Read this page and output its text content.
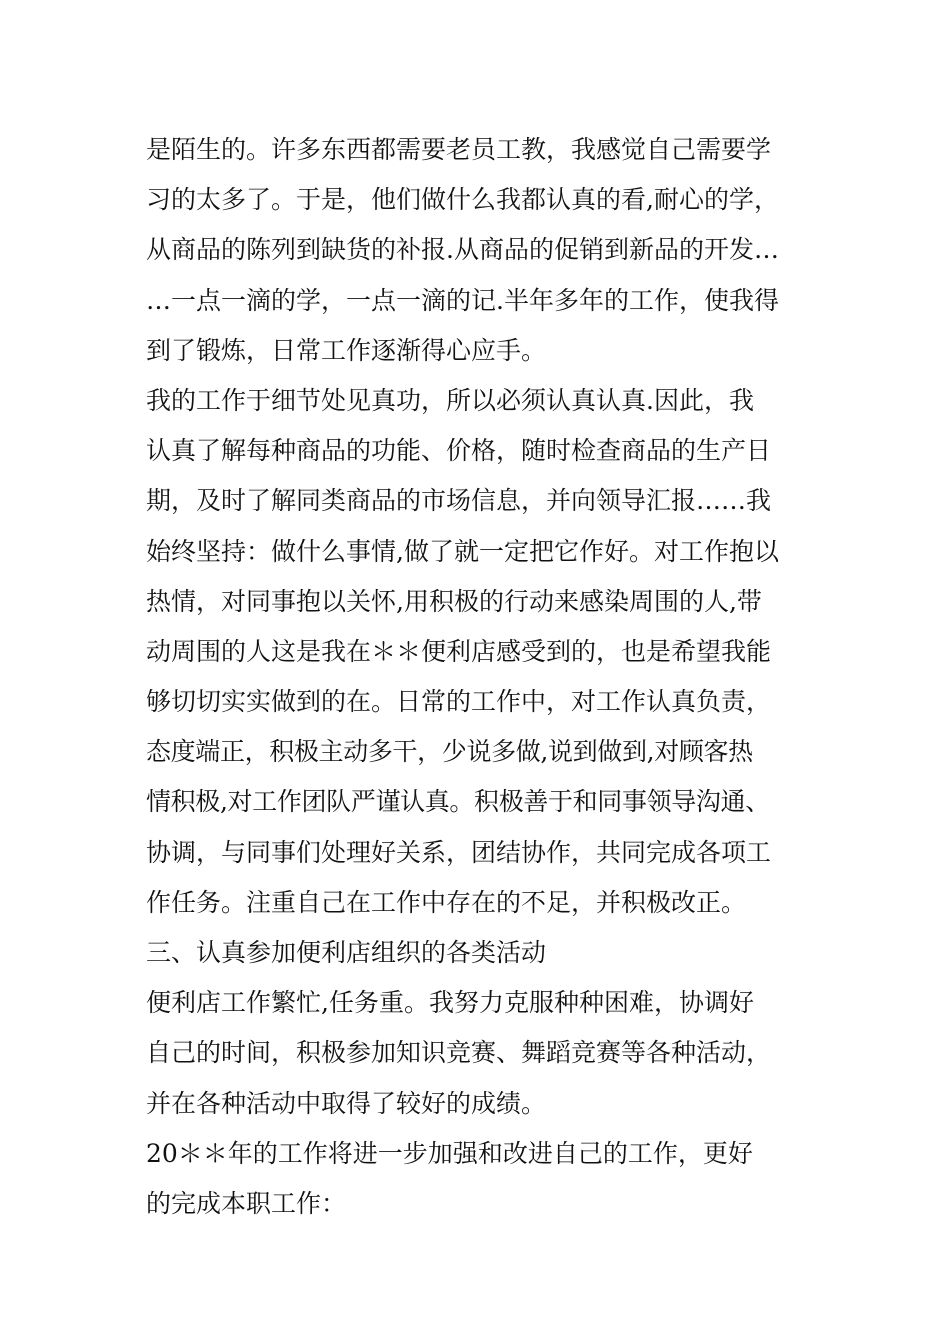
是陌生的。许多东西都需要老员工教，我感觉自己需要学
习的太多了。于是，他们做什么我都认真的看,耐心的学，
从商品的陈列到缺货的补报.从商品的促销到新品的开发…
…一点一滴的学，一点一滴的记.半年多年的工作，使我得
到了锻炼，日常工作逐渐得心应手。
我的工作于细节处见真功，所以必须认真认真.因此，我
认真了解每种商品的功能、价格，随时检查商品的生产日
期，及时了解同类商品的市场信息，并向领导汇报……我
始终坚持：做什么事情,做了就一定把它作好。对工作抱以
热情，对同事抱以关怀,用积极的行动来感染周围的人,带
动周围的人这是我在＊＊便利店感受到的，也是希望我能
够切切实实做到的在。日常的工作中，对工作认真负责，
态度端正，积极主动多干，少说多做,说到做到,对顾客热
情积极,对工作团队严谨认真。积极善于和同事领导沟通、
协调，与同事们处理好关系，团结协作，共同完成各项工
作任务。注重自己在工作中存在的不足，并积极改正。
三、认真参加便利店组织的各类活动
便利店工作繁忙,任务重。我努力克服种种困难，协调好
自己的时间，积极参加知识竞赛、舞蹈竞赛等各种活动，
并在各种活动中取得了较好的成绩。
20＊＊年的工作将进一步加强和改进自己的工作，更好
的完成本职工作：
